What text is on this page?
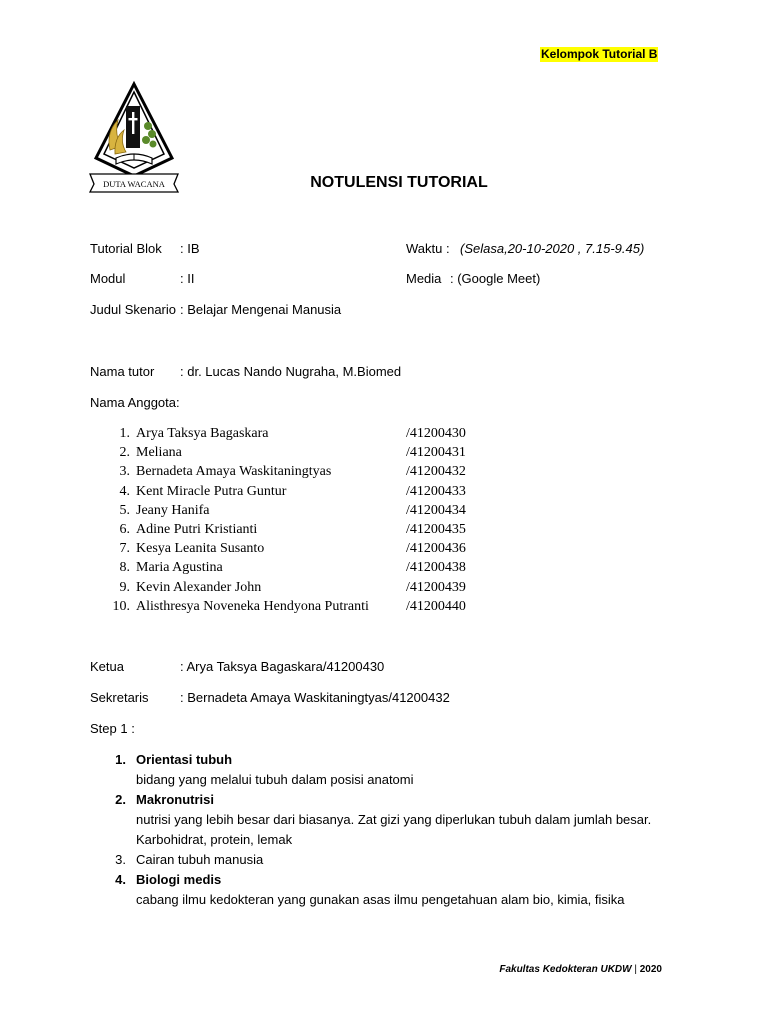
Kelompok Tutorial B
DUTA WACANA	NOTULENSI TUTORIAL
Tutorial Blok : IB	Waktu : (Selasa,20-10-2020 , 7.15-9.45)
Modul	: II	Media : (Google Meet)
Judul Skenario : Belajar Mengenai Manusia
Nama tutor : dr. Lucas Nando Nugraha, M.Biomed
Nama Anggota:
1. Arya Taksya Bagaskara	/41200430
2. Meliana	/41200431
3. Bernadeta Amaya Waskitaningtyas	/41200432
4. Kent Miracle Putra Guntur	/41200433
5. Jeany Hanifa	/41200434
6. Adine Putri Kristianti	/41200435
7. Kesya Leanita Susanto	/41200436
8. Maria Agustina	/41200438
9. Kevin Alexander John	/41200439
10. Alisthresya Noveneka Hendyona Putranti	/41200440
Ketua	: Arya Taksya Bagaskara/41200430
Sekretaris : Bernadeta Amaya Waskitaningtyas/41200432
Step 1 :
1. Orientasi tubuh
bidang yang melalui tubuh dalam posisi anatomi
2. Makronutrisi
nutrisi yang lebih besar dari biasanya. Zat gizi yang diperlukan tubuh dalam jumlah besar. Karbohidrat, protein, lemak
3. Cairan tubuh manusia
4. Biologi medis
cabang ilmu kedokteran yang gunakan asas ilmu pengetahuan alam bio, kimia, fisika
Fakultas Kedokteran UKDW | 2020
